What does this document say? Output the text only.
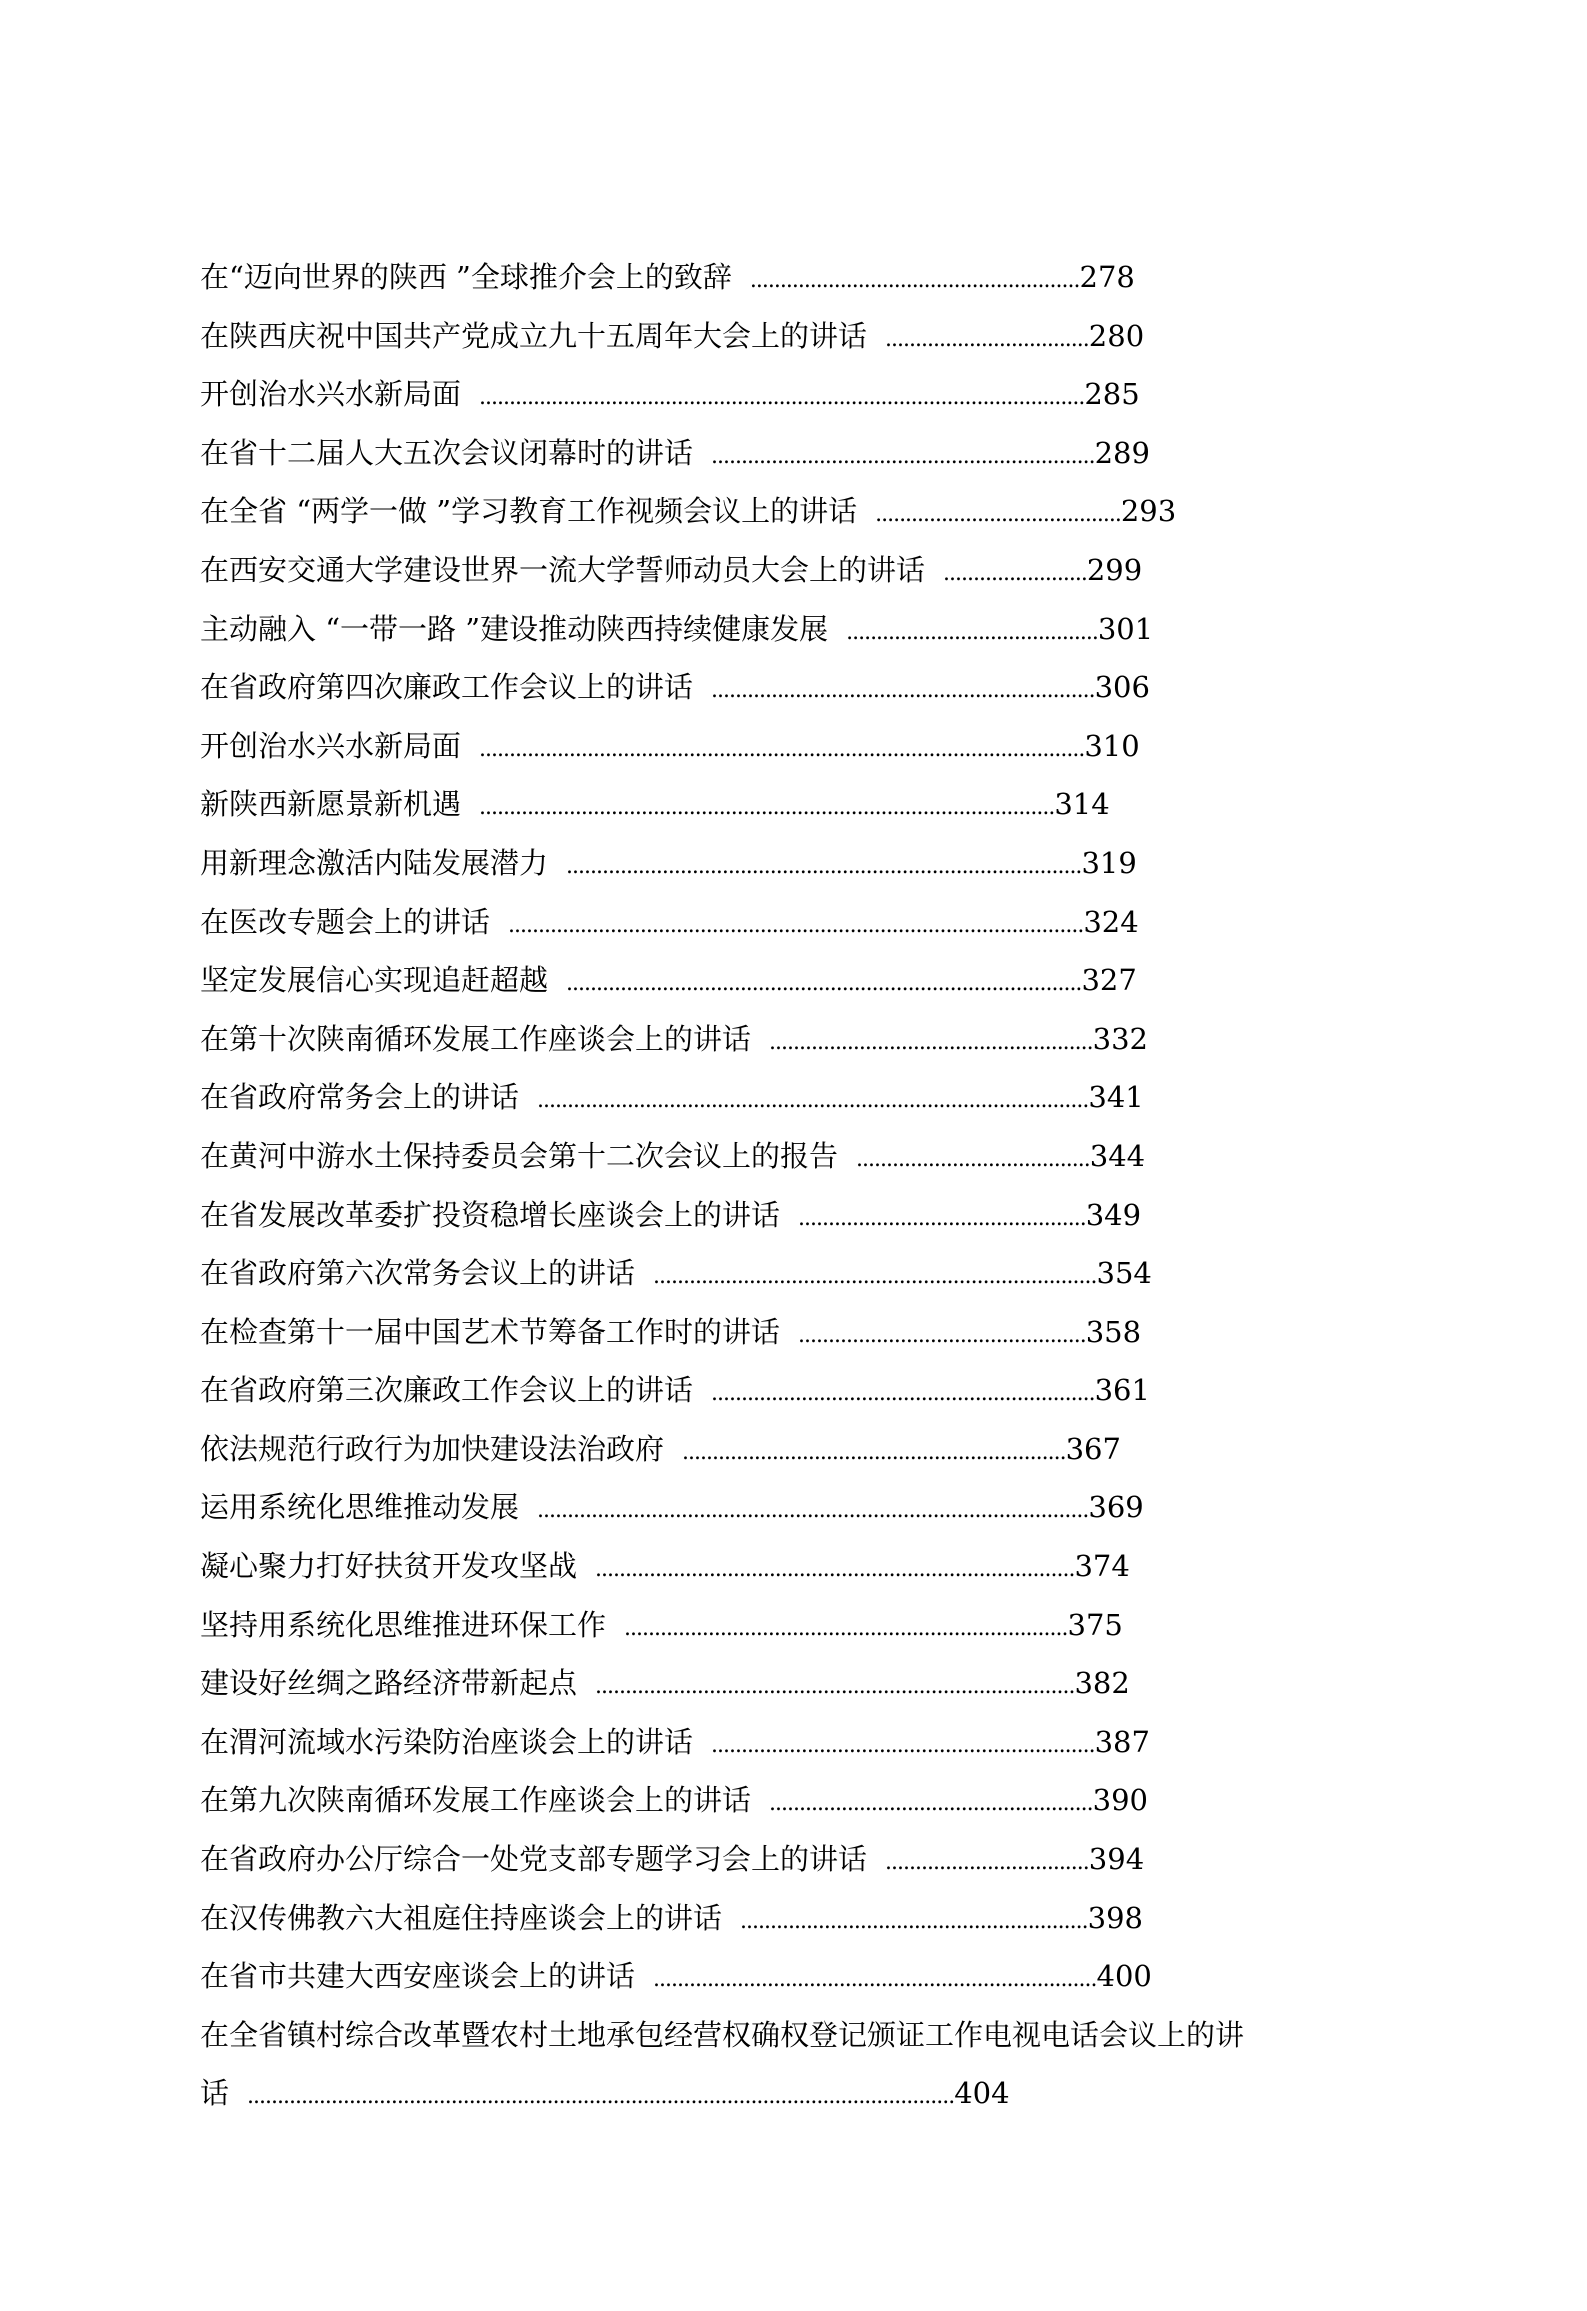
在“迈向世界的陕西 ”全球推介会上的致辞 ....................................................... 278
在陕西庆祝中国共产党成立九十五周年大会上的讲话 .................................. 280
开创治水兴水新局面 ..................................................................................................... 285
在省十二届人大五次会议闭幕时的讲话 ................................................................ 289
在全省 “两学一做 ”学习教育工作视频会议上的讲话 ......................................... 293
在西安交通大学建设世界一流大学誓师动员大会上的讲话 ........................ 299
主动融入 “一带一路 ”建设推动陕西持续健康发展 .......................................... 301
在省政府第四次廉政工作会议上的讲话 ................................................................ 306
开创治水兴水新局面 ..................................................................................................... 310
新陕西新愿景新机遇 ................................................................................................ 314
用新理念激活内陆发展潜力 ...................................................................................... 319
在医改专题会上的讲话 ................................................................................................ 324
坚定发展信心实现追赶超越 ...................................................................................... 327
在第十次陕南循环发展工作座谈会上的讲话 ...................................................... 332
在省政府常务会上的讲话 ............................................................................................ 341
在黄河中游水土保持委员会第十二次会议上的报告 ....................................... 344
在省发展改革委扩投资稳增长座谈会上的讲话 ................................................ 349
在省政府第六次常务会议上的讲话 .......................................................................... 354
在检查第十一届中国艺术节筹备工作时的讲话 ................................................ 358
在省政府第三次廉政工作会议上的讲话 ................................................................ 361
依法规范行政行为加快建设法治政府 ................................................................ 367
运用系统化思维推动发展 ............................................................................................ 369
凝心聚力打好扶贫开发攻坚战 ................................................................................ 374
坚持用系统化思维推进环保工作 .......................................................................... 375
建设好丝绸之路经济带新起点 ................................................................................ 382
在渭河流域水污染防治座谈会上的讲话 ................................................................ 387
在第九次陕南循环发展工作座谈会上的讲话 ...................................................... 390
在省政府办公厅综合一处党支部专题学习会上的讲话 .................................. 394
在汉传佛教六大祖庭住持座谈会上的讲话 .......................................................... 398
在省市共建大西安座谈会上的讲话 .......................................................................... 400
在全省镇村综合改革暨农村土地承包经营权确权登记颁证工作电视电话会议上的讲
话 ...................................................................................................................... 404
